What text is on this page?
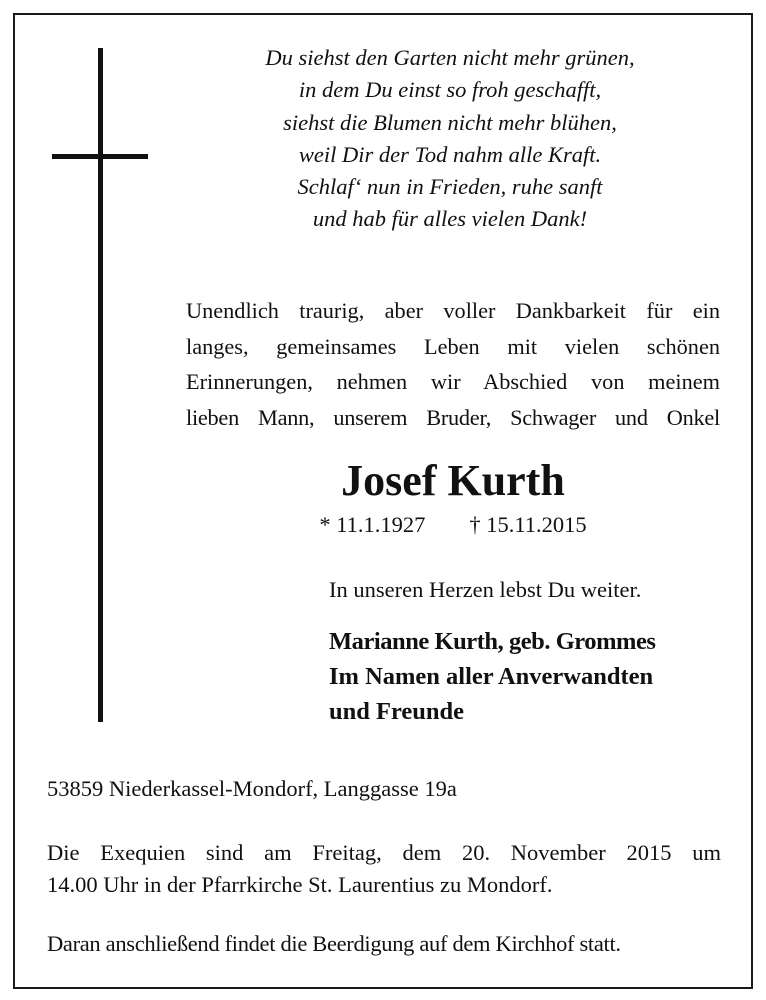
Du siehst den Garten nicht mehr grünen,
in dem Du einst so froh geschafft,
siehst die Blumen nicht mehr blühen,
weil Dir der Tod nahm alle Kraft.
Schlaf‘ nun in Frieden, ruhe sanft
und hab für alles vielen Dank!
Unendlich traurig, aber voller Dankbarkeit für ein
langes, gemeinsames Leben mit vielen schönen
Erinnerungen, nehmen wir Abschied von meinem
lieben Mann, unserem Bruder, Schwager und Onkel
Josef Kurth
* 11.1.1927 † 15.11.2015
In unseren Herzen lebst Du weiter.
Marianne Kurth, geb. Grommes
Im Namen aller Anverwandten
und Freunde
53859 Niederkassel-Mondorf, Langgasse 19a
Die Exequien sind am Freitag, dem 20. November 2015 um
14.00 Uhr in der Pfarrkirche St. Laurentius zu Mondorf.
Daran anschließend findet die Beerdigung auf dem Kirchhof statt.
